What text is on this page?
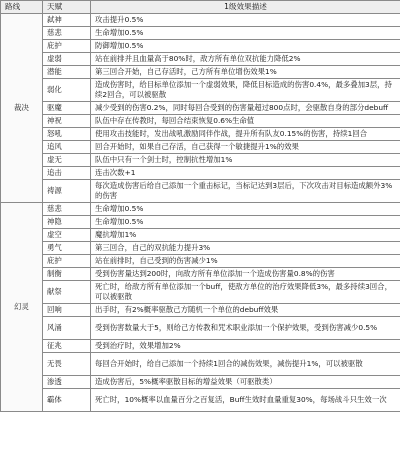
路线	天赋	1级效果描述
裁决	弑神	攻击提升0.5%
	慈悲	生命增加0.5%
	庇护	防御增加0.5%
	虚弱	站在前排并且血量高于80%时，敌方所有单位双抗能力降低2%
	潜能	第三回合开始，自己存活时，己方所有单位增伤效果1%
	弱化	造成伤害时，给目标单位添加一个虚弱效果，降低目标造成的伤害0.4%，最多叠加3层，持续2回合，可以被驱散
	驱魔	减少受到的伤害0.2%，同时每回合受到的伤害量超过800点时，会驱散自身的部分debuff
	神祝	队伍中存在传教时，每回合结束恢复0.6%生命值
	怒吼	使用攻击技能时，发出战吼激励同伴作战，提升所有队友0.15%的伤害，持续1回合
	追风	回合开始时，如果自己存活，自己获得一个敏捷提升1%的效果
	虚无	队伍中只有一个剑士时，控制抗性增加1%
	追击	连击次数+1
	祷源	每次造成伤害后给自己添加一个重击标记，当标记达到3层后，下次攻击对目标造成额外3%的伤害
幻灵	慈悲	生命增加0.5%
	神隐	生命增加0.5%
	虚空	魔抗增加1%
	勇气	第三回合，自己的双抗能力提升3%
	庇护	站在前排时，自己受到的伤害减少1%
	制衡	受到伤害量达到200时，向敌方所有单位添加一个造成伤害量0.8%的伤害
	献祭	死亡时，给敌方所有单位添加一个buff，使敌方单位的治疗效果降低3%，最多持续3回合，可以被驱散
	回响	出手时，有2%概率驱散己方随机一个单位的debuff效果
	风涌	受到伤害数量大于5，则给己方传教和咒术职业添加一个保护效果，受到伤害减少0.5%
	征兆	受到治疗时，效果增加2%
	无畏	每回合开始时，给自己添加一个持续1回合的减伤效果，减伤提升1%，可以被驱散
	渗透	造成伤害后，5%概率驱散目标的增益效果（可驱散类）
	霸体	死亡时，10%概率以血量百分之百复活，Buff生效时血量重复30%，每场战斗只生效一次
